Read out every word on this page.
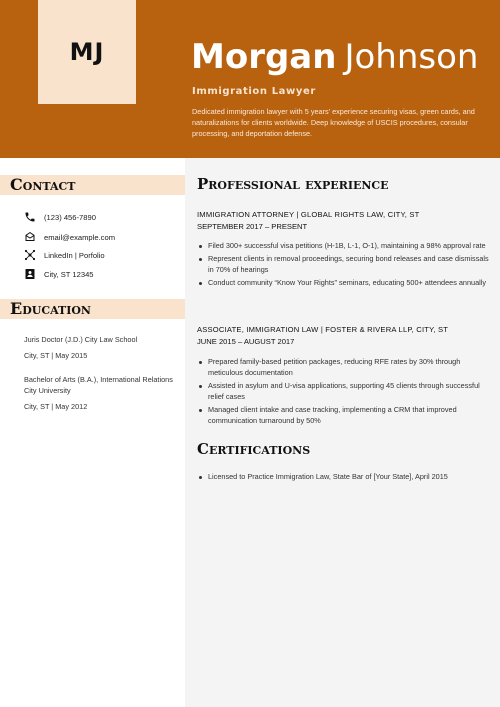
MJ	Morgan Johnson
Immigration Lawyer
Dedicated immigration lawyer with 5 years' experience securing visas, green cards, and naturalizations for clients worldwide. Deep knowledge of USCIS procedures, consular processing, and deportation defense.
Contact
(123) 456-7890
email@example.com
LinkedIn | Porfolio
City, ST 12345
Education
Juris Doctor (J.D.) City Law School
City, ST | May 2015
Bachelor of Arts (B.A.), International Relations City University
City, ST | May 2012
Professional experience
IMMIGRATION ATTORNEY | GLOBAL RIGHTS LAW, CITY, ST
SEPTEMBER 2017 – PRESENT
Filed 300+ successful visa petitions (H-1B, L-1, O-1), maintaining a 98% approval rate
Represent clients in removal proceedings, securing bond releases and case dismissals in 70% of hearings
Conduct community “Know Your Rights” seminars, educating 500+ attendees annually
ASSOCIATE, IMMIGRATION LAW | FOSTER & RIVERA LLP, CITY, ST
JUNE 2015 – AUGUST 2017
Prepared family-based petition packages, reducing RFE rates by 30% through meticulous documentation
Assisted in asylum and U-visa applications, supporting 45 clients through successful relief cases
Managed client intake and case tracking, implementing a CRM that improved communication turnaround by 50%
Certifications
Licensed to Practice Immigration Law, State Bar of [Your State], April 2015
